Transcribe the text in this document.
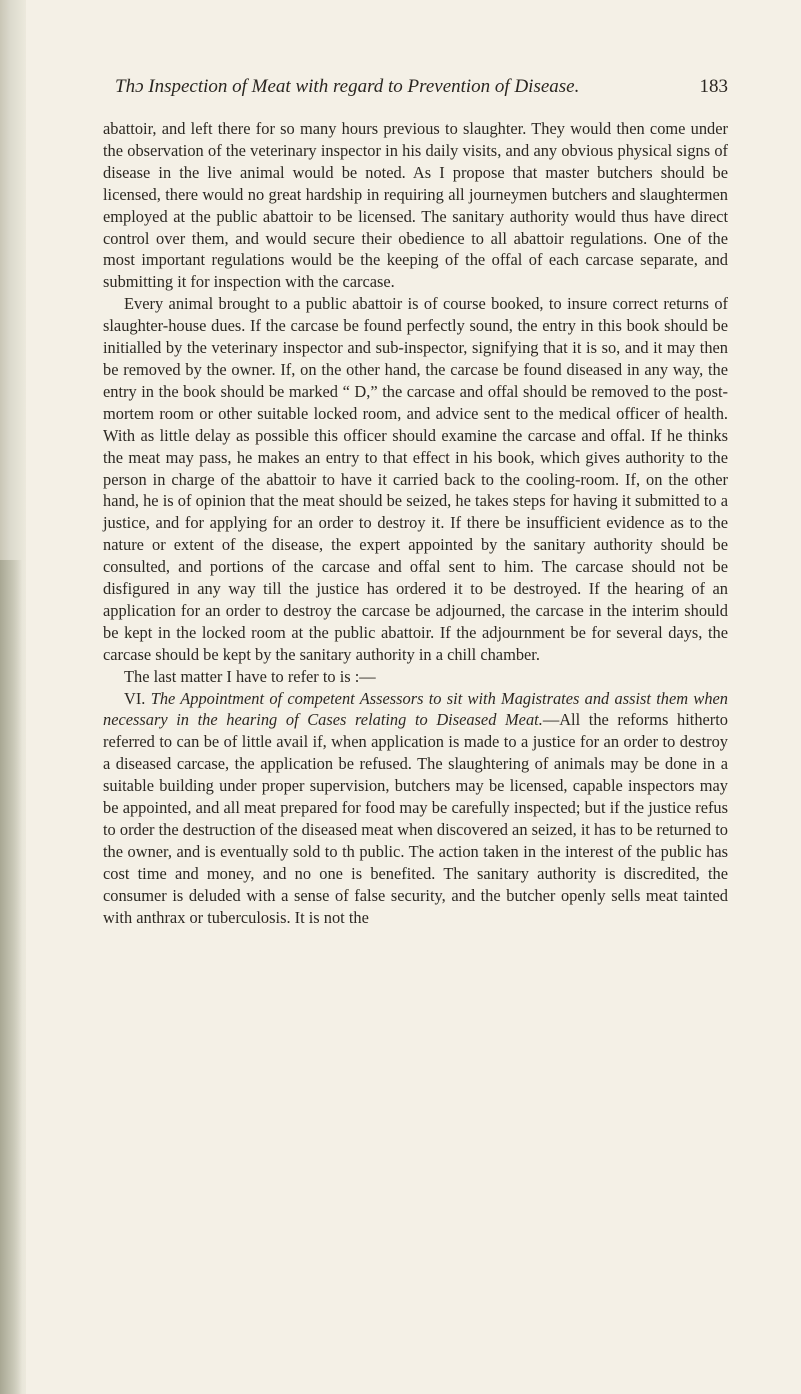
Thɔ Inspection of Meat with regard to Prevention of Disease.	183

abattoir, and left there for so many hours previous to slaughter. They would then come under the observation of the veterinary inspector in his daily visits, and any obvious physical signs of disease in the live animal would be noted. As I propose that master butchers should be licensed, there would no great hardship in requiring all journeymen butchers and slaughtermen employed at the public abattoir to be licensed. The sanitary authority would thus have direct control over them, and would secure their obedience to all abattoir regulations. One of the most important regulations would be the keeping of the offal of each carcase separate, and submitting it for inspection with the carcase.

Every animal brought to a public abattoir is of course booked, to insure correct returns of slaughter-house dues. If the carcase be found perfectly sound, the entry in this book should be initialled by the veterinary inspector and sub-inspector, signifying that it is so, and it may then be removed by the owner. If, on the other hand, the carcase be found diseased in any way, the entry in the book should be marked “ D,” the carcase and offal should be removed to the post-mortem room or other suitable locked room, and advice sent to the medical officer of health. With as little delay as possible this officer should examine the carcase and offal. If he thinks the meat may pass, he makes an entry to that effect in his book, which gives authority to the person in charge of the abattoir to have it carried back to the cooling-room. If, on the other hand, he is of opinion that the meat should be seized, he takes steps for having it submitted to a justice, and for applying for an order to destroy it. If there be insufficient evidence as to the nature or extent of the disease, the expert appointed by the sanitary authority should be consulted, and portions of the carcase and offal sent to him. The carcase should not be disfigured in any way till the justice has ordered it to be destroyed. If the hearing of an application for an order to destroy the carcase be adjourned, the carcase in the interim should be kept in the locked room at the public abattoir. If the adjournment be for several days, the carcase should be kept by the sanitary authority in a chill chamber.

The last matter I have to refer to is :—

VI. The Appointment of competent Assessors to sit with Magistrates and assist them when necessary in the hearing of Cases relating to Diseased Meat.—All the reforms hitherto referred to can be of little avail if, when application is made to a justice for an order to destroy a diseased carcase, the application be refused. The slaughtering of animals may be done in a suitable building under proper supervision, butchers may be licensed, capable inspectors may be appointed, and all meat prepared for food may be carefully inspected; but if the justice refus to order the destruction of the diseased meat when discovered an seized, it has to be returned to the owner, and is eventually sold to th public. The action taken in the interest of the public has cost time and money, and no one is benefited. The sanitary authority is discredited, the consumer is deluded with a sense of false security, and the butcher openly sells meat tainted with anthrax or tuberculosis. It is not the
